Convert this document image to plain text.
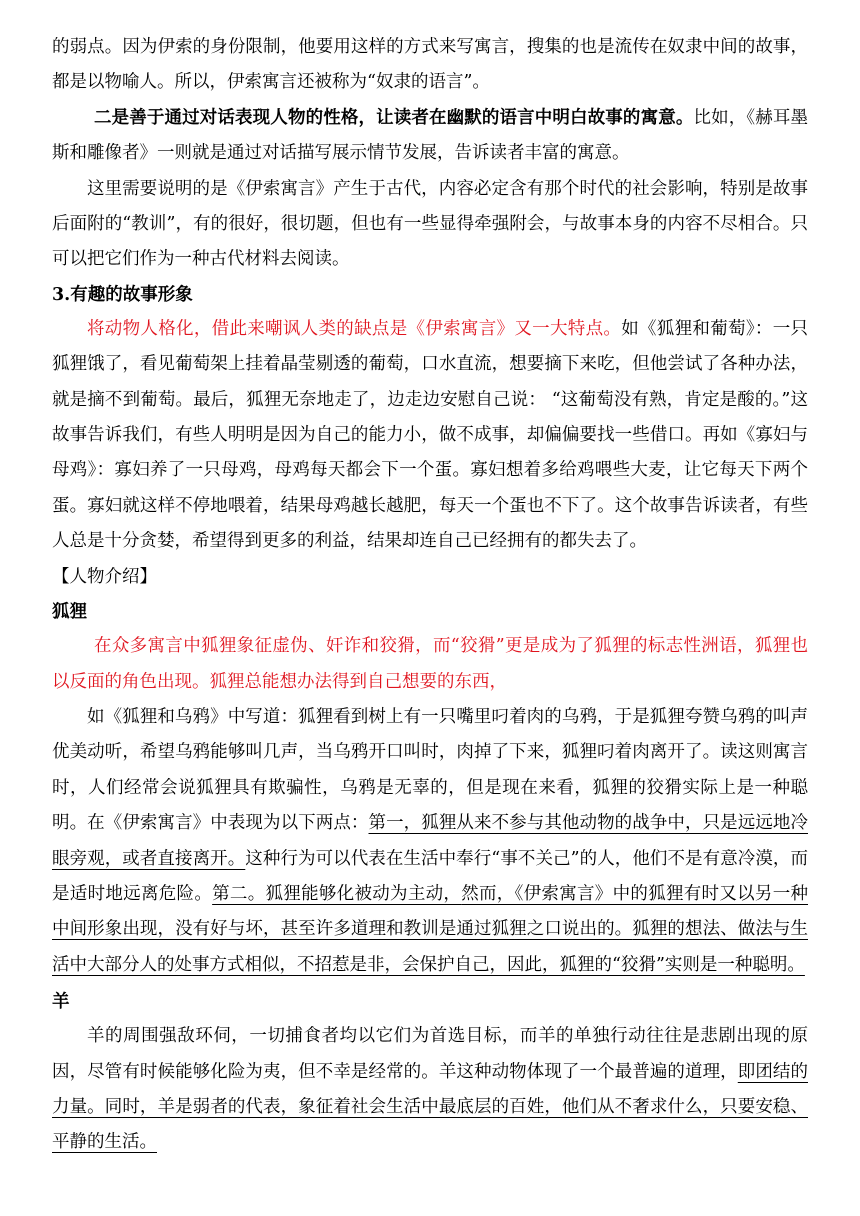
的弱点。因为伊索的身份限制，他要用这样的方式来写寓言，搜集的也是流传在奴隶中间的故事，都是以物喻人。所以，伊索寓言还被称为“奴隶的语言”。

二是善于通过对话表现人物的性格，让读者在幽默的语言中明白故事的寓意。比如，《赫耳墨斯和雕像者》一则就是通过对话描写展示情节发展，告诉读者丰富的寓意。

这里需要说明的是《伊索寓言》产生于古代，内容必定含有那个时代的社会影响，特别是故事后面附的“教训”，有的很好，很切题，但也有一些显得牵强附会，与故事本身的内容不尽相合。只可以把它们作为一种古代材料去阅读。

3.有趣的故事形象

将动物人格化，借此来嘲讽人类的缺点是《伊索寓言》又一大特点。如《狐狸和葡萄》：一只狐狸饿了，看见葡萄架上挂着晶莹剔透的葡萄，口水直流，想要摘下来吃，但他尝试了各种办法，就是摘不到葡萄。最后，狐狸无奈地走了，边走边安慰自己说： “这葡萄没有熟，肯定是酸的。”这故事告诉我们，有些人明明是因为自己的能力小，做不成事，却偏偏要找一些借口。再如《寡妇与母鸡》：寡妇养了一只母鸡，母鸡每天都会下一个蛋。寡妇想着多给鸡喂些大麦，让它每天下两个蛋。寡妇就这样不停地喂着，结果母鸡越长越肥，每天一个蛋也不下了。这个故事告诉读者，有些人总是十分贪婪，希望得到更多的利益，结果却连自己已经拥有的都失去了。

【人物介绍】
狐狸

在众多寓言中狐狸象征虚伪、奸诈和狡猾，而“狡猾”更是成为了狐狸的标志性洲语，狐狸也以反面的角色出现。狐狸总能想办法得到自己想要的东西，

如《狐狸和乌鸦》中写道：狐狸看到树上有一只嘴里叼着肉的乌鸦，于是狐狸夸赞乌鸦的叫声优美动听，希望乌鸦能够叫几声，当乌鸦开口叫时，肉掉了下来，狐狸叼着肉离开了。读这则寓言时，人们经常会说狐狸具有欺骗性，乌鸦是无辜的，但是现在来看，狐狸的狡猾实际上是一种聪明。在《伊索寓言》中表现为以下两点：第一，狐狸从来不参与其他动物的战争中，只是远远地冷眼旁观，或者直接离开。这种行为可以代表在生活中奉行“事不关己”的人，他们不是有意冷漠，而是适时地远离危险。第二。狐狸能够化被动为主动，然而，《伊索寓言》中的狐狸有时又以另一种中间形象出现，没有好与坏，甚至许多道理和教训是通过狐狸之口说出的。狐狸的想法、做法与生活中大部分人的处事方式相似，不招惹是非，会保护自己，因此，狐狸的“狡猾”实则是一种聪明。

羊

羊的周围强敌环伺，一切捕食者均以它们为首选目标，而羊的单独行动往往是悲剧出现的原因，尽管有时候能够化险为夷，但不幸是经常的。羊这种动物体现了一个最普遍的道理，即团结的力量。同时，羊是弱者的代表，象征着社会生活中最底层的百姓，他们从不奢求什么，只要安稳、平静的生活。
